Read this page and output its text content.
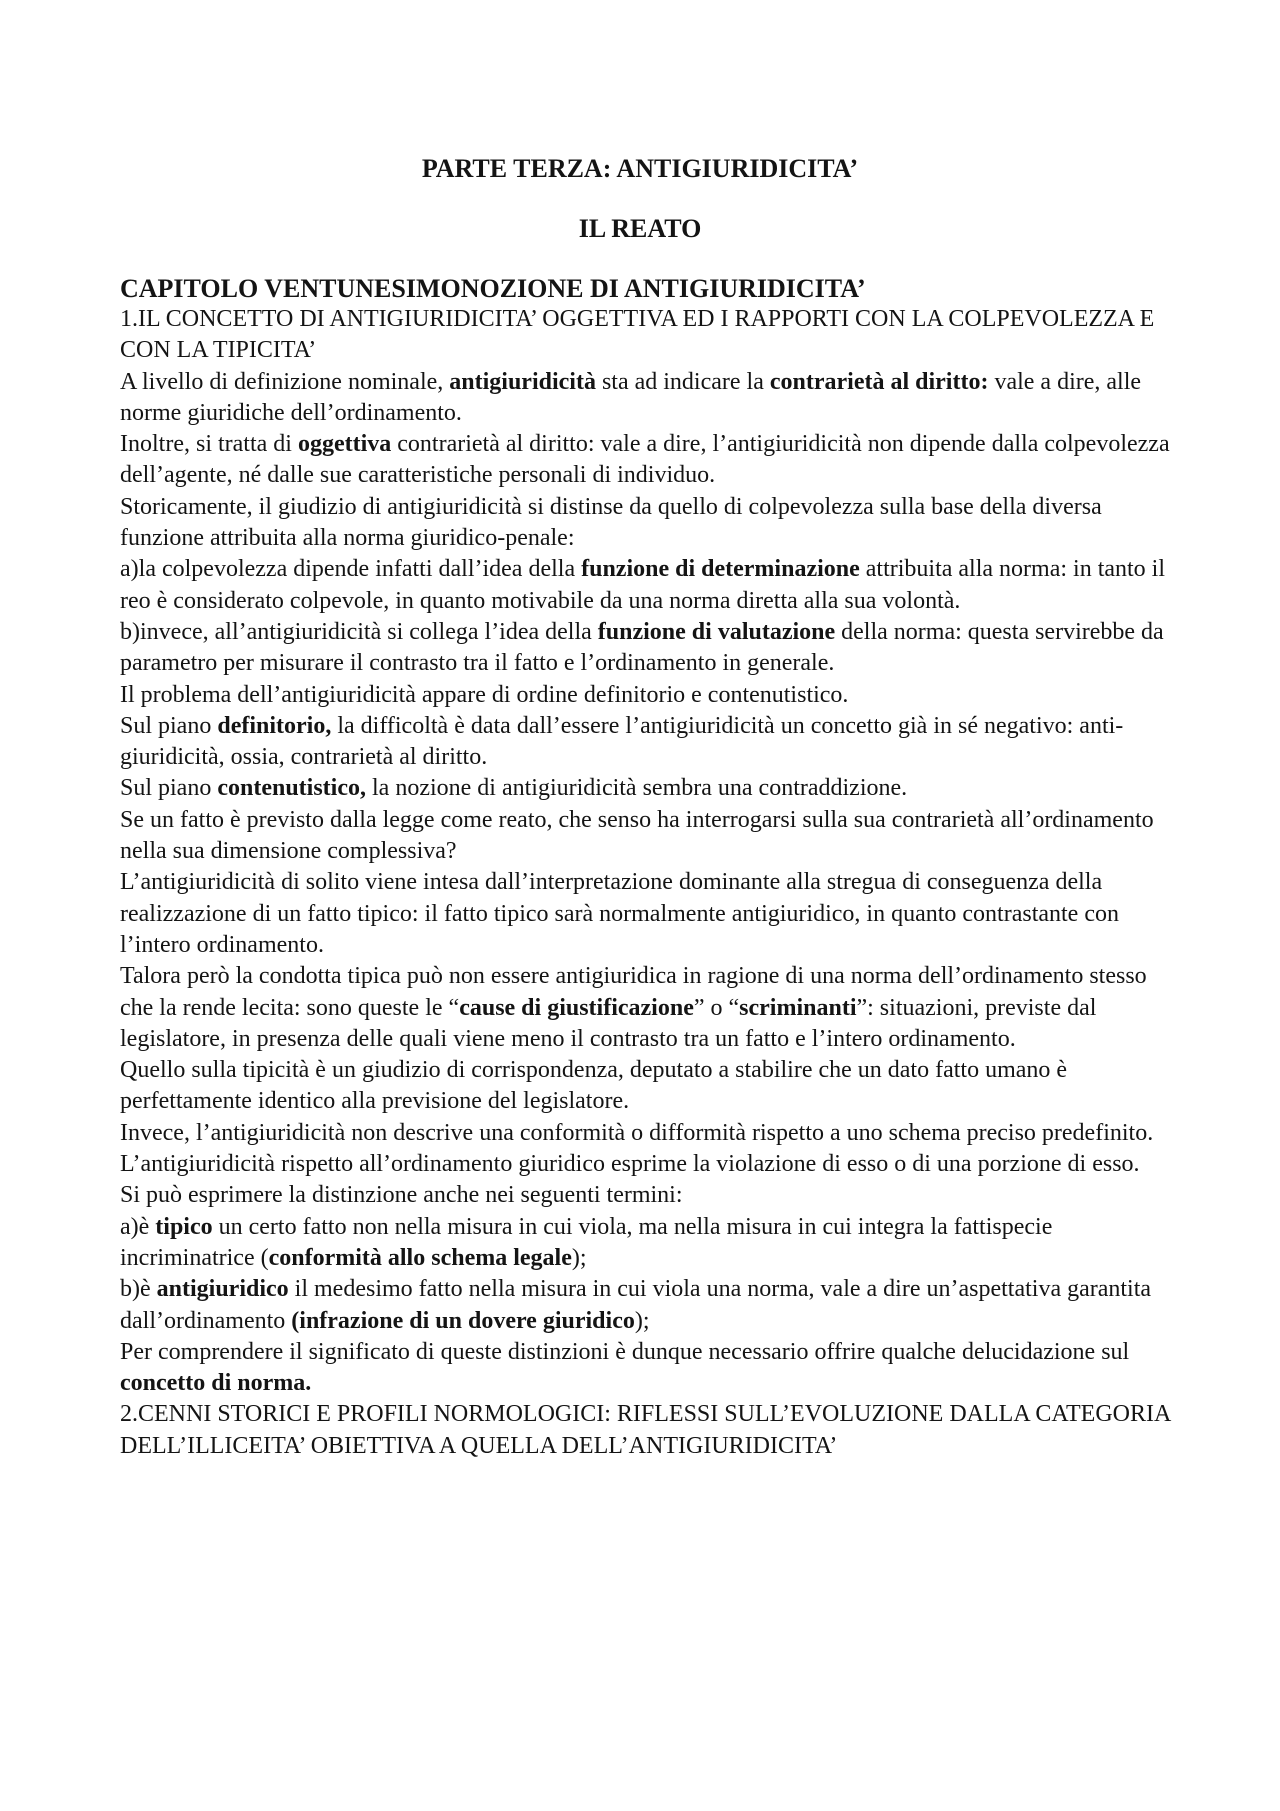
PARTE TERZA: ANTIGIURIDICITA’
IL REATO
CAPITOLO VENTUNESIMONOZIONE DI ANTIGIURIDICITA’

1.IL CONCETTO DI ANTIGIURIDICITA’ OGGETTIVA ED I RAPPORTI CON LA COLPEVOLEZZA E CON LA TIPICITA’

A livello di definizione nominale, antigiuridicità sta ad indicare la contrarietà al diritto: vale a dire, alle norme giuridiche dell’ordinamento.

Inoltre, si tratta di oggettiva contrarietà al diritto: vale a dire, l’antigiuridicità non dipende dalla colpevolezza dell’agente, né dalle sue caratteristiche personali di individuo.

Storicamente, il giudizio di antigiuridicità si distinse da quello di colpevolezza sulla base della diversa funzione attribuita alla norma giuridico-penale:

a)la colpevolezza dipende infatti dall’idea della funzione di determinazione attribuita alla norma: in tanto il reo è considerato colpevole, in quanto motivabile da una norma diretta alla sua volontà.

b)invece, all’antigiuridicità si collega l’idea della funzione di valutazione della norma: questa servirebbe da parametro per misurare il contrasto tra il fatto e l’ordinamento in generale.

Il problema dell’antigiuridicità appare di ordine definitorio e contenutistico.

Sul piano definitorio, la difficoltà è data dall’essere l’antigiuridicità un concetto già in sé negativo: anti-giuridicità, ossia, contrarietà al diritto.

Sul piano contenutistico, la nozione di antigiuridicità sembra una contraddizione.

Se un fatto è previsto dalla legge come reato, che senso ha interrogarsi sulla sua contrarietà all’ordinamento nella sua dimensione complessiva?

L’antigiuridicità di solito viene intesa dall’interpretazione dominante alla stregua di conseguenza della realizzazione di un fatto tipico: il fatto tipico sarà normalmente antigiuridico, in quanto contrastante con l’intero ordinamento.

Talora però la condotta tipica può non essere antigiuridica in ragione di una norma dell’ordinamento stesso che la rende lecita: sono queste le “cause di giustificazione” o “scriminanti”: situazioni, previste dal legislatore, in presenza delle quali viene meno il contrasto tra un fatto e l’intero ordinamento.

Quello sulla tipicità è un giudizio di corrispondenza, deputato a stabilire che un dato fatto umano è perfettamente identico alla previsione del legislatore.

Invece, l’antigiuridicità non descrive una conformità o difformità rispetto a uno schema preciso predefinito.

L’antigiuridicità rispetto all’ordinamento giuridico esprime la violazione di esso o di una porzione di esso.

Si può esprimere la distinzione anche nei seguenti termini:

a)è tipico un certo fatto non nella misura in cui viola, ma nella misura in cui integra la fattispecie incriminatrice (conformità allo schema legale);

b)è antigiuridico il medesimo fatto nella misura in cui viola una norma, vale a dire un’aspettativa garantita dall’ordinamento (infrazione di un dovere giuridico);

Per comprendere il significato di queste distinzioni è dunque necessario offrire qualche delucidazione sul concetto di norma.

2.CENNI STORICI E PROFILI NORMOLOGICI: RIFLESSI SULL’EVOLUZIONE DALLA CATEGORIA DELL’ILLICEITA’ OBIETTIVA A QUELLA DELL’ANTIGIURIDICITA’
